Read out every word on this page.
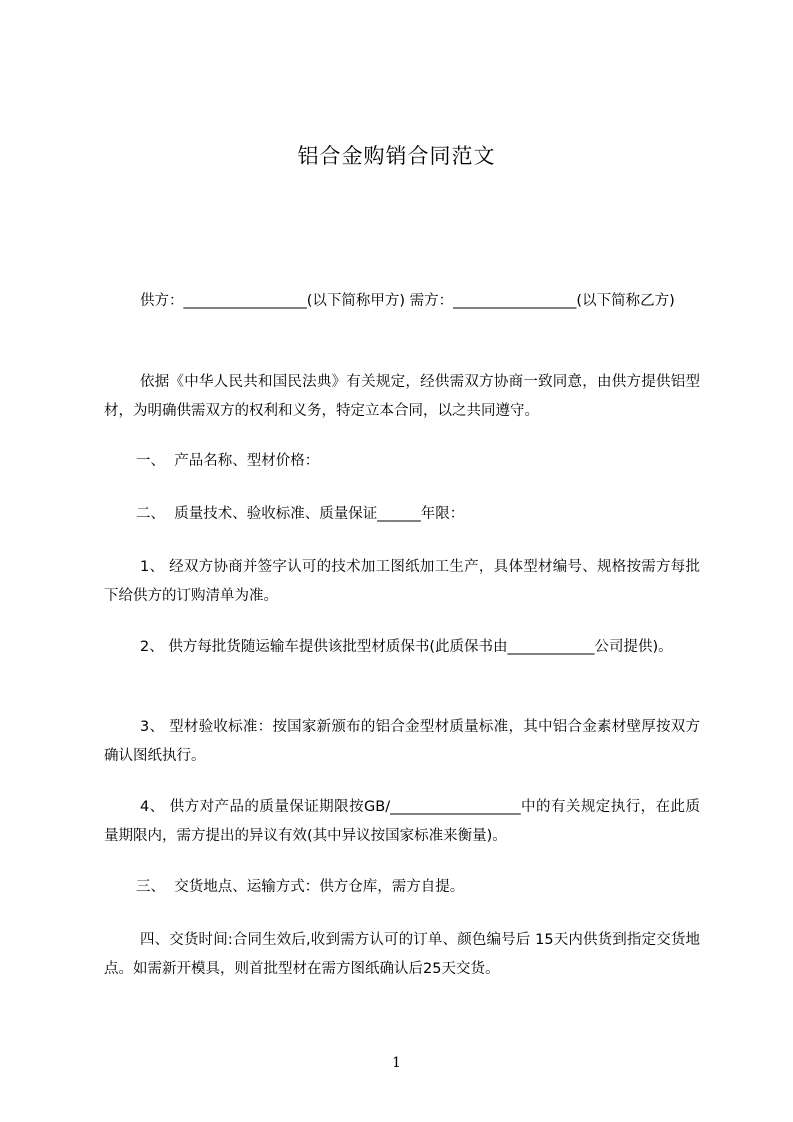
铝合金购销合同范文

供方：_________________(以下简称甲方) 需方：_________________(以下简称乙方)

依据《中华人民共和国民法典》有关规定，经供需双方协商一致同意，由供方提供铝型材，为明确供需双方的权利和义务，特定立本合同，以之共同遵守。

一、  产品名称、型材价格：

二、  质量技术、验收标准、质量保证______年限：

1、 经双方协商并签字认可的技术加工图纸加工生产，具体型材编号、规格按需方每批下给供方的订购清单为准。

2、 供方每批货随运输车提供该批型材质保书(此质保书由____________公司提供)。

3、 型材验收标准：按国家新颁布的铝合金型材质量标准，其中铝合金素材壁厚按双方确认图纸执行。

4、 供方对产品的质量保证期限按GB/__________________中的有关规定执行，在此质量期限内，需方提出的异议有效(其中异议按国家标准来衡量)。

三、  交货地点、运输方式：供方仓库，需方自提。

四、交货时间:合同生效后,收到需方认可的订单、颜色编号后 15天内供货到指定交货地点。如需新开模具，则首批型材在需方图纸确认后25天交货。

1
